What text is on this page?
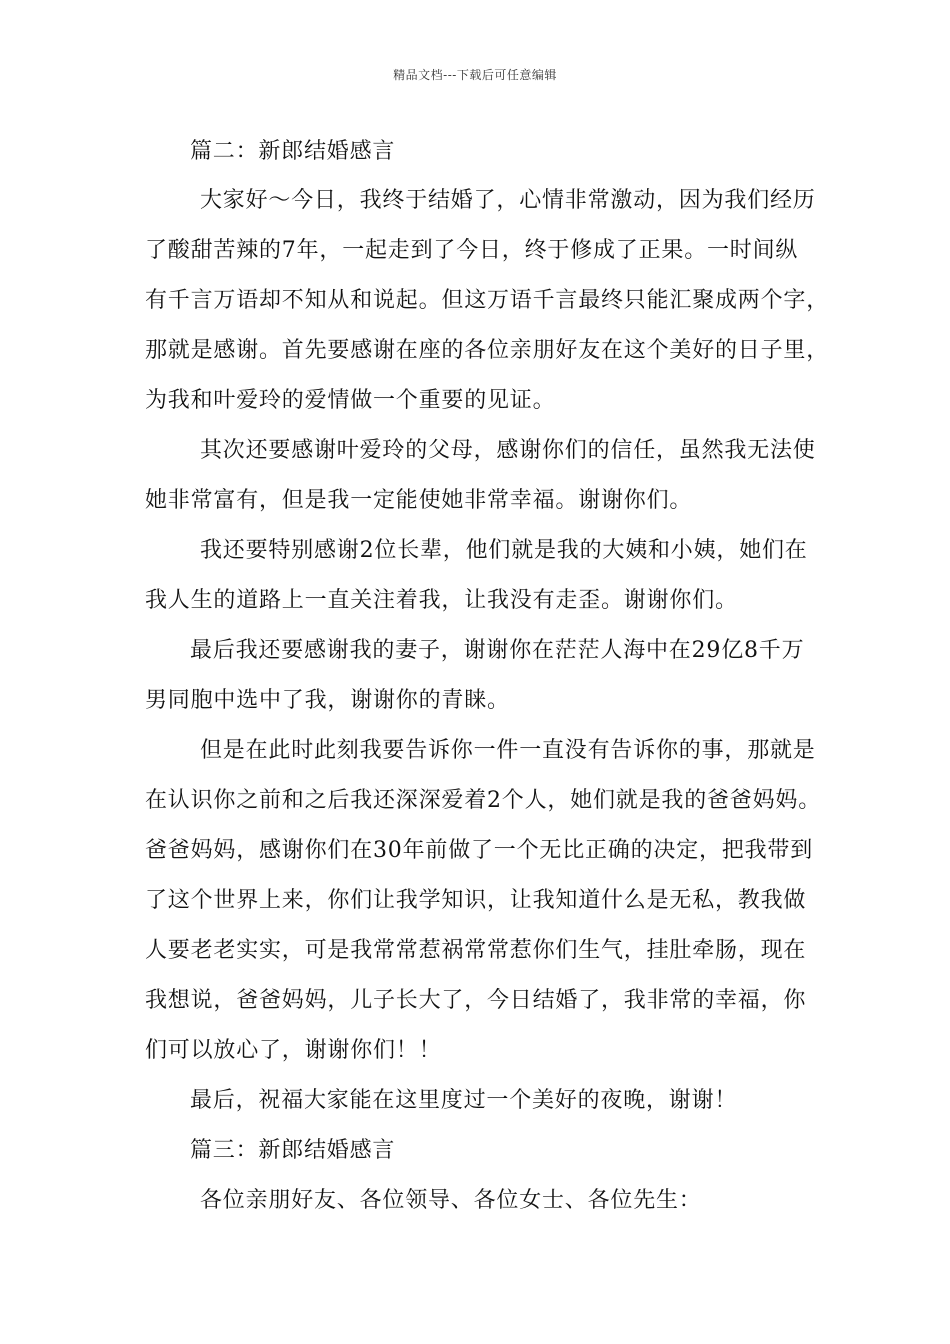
精品文档---下载后可任意编辑
篇二：新郎结婚感言
大家好～今日，我终于结婚了，心情非常激动，因为我们经历
了酸甜苦辣的7年，一起走到了今日，终于修成了正果。一时间纵
有千言万语却不知从和说起。但这万语千言最终只能汇聚成两个字，
那就是感谢。首先要感谢在座的各位亲朋好友在这个美好的日子里，
为我和叶爱玲的爱情做一个重要的见证。
其次还要感谢叶爱玲的父母，感谢你们的信任，虽然我无法使
她非常富有，但是我一定能使她非常幸福。谢谢你们。
我还要特别感谢2位长辈，他们就是我的大姨和小姨，她们在
我人生的道路上一直关注着我，让我没有走歪。谢谢你们。
最后我还要感谢我的妻子，谢谢你在茫茫人海中在29亿8千万
男同胞中选中了我，谢谢你的青睐。
但是在此时此刻我要告诉你一件一直没有告诉你的事，那就是
在认识你之前和之后我还深深爱着2个人，她们就是我的爸爸妈妈。
爸爸妈妈，感谢你们在30年前做了一个无比正确的决定，把我带到
了这个世界上来，你们让我学知识，让我知道什么是无私，教我做
人要老老实实，可是我常常惹祸常常惹你们生气，挂肚牵肠，现在
我想说，爸爸妈妈，儿子长大了，今日结婚了，我非常的幸福，你
们可以放心了，谢谢你们！！
最后，祝福大家能在这里度过一个美好的夜晚，谢谢！
篇三：新郎结婚感言
各位亲朋好友、各位领导、各位女士、各位先生：
